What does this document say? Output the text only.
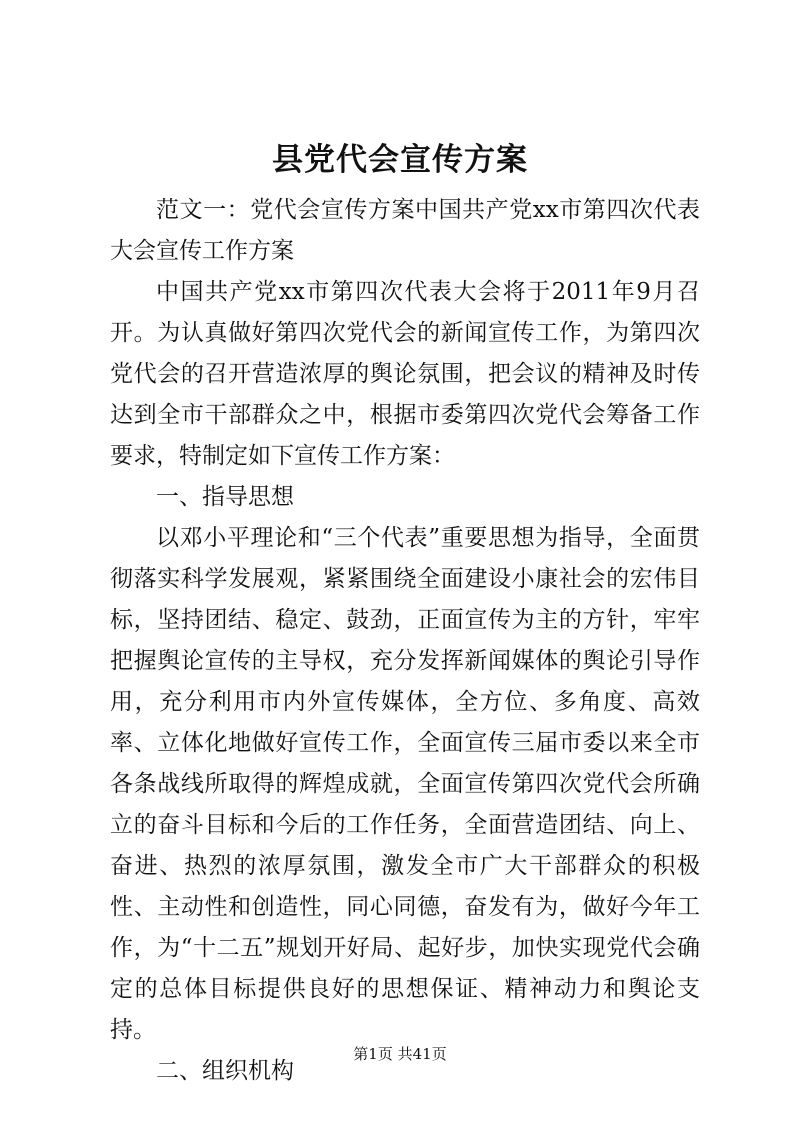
县党代会宣传方案

范文一：党代会宣传方案中国共产党xx市第四次代表大会宣传工作方案

中国共产党xx市第四次代表大会将于2011年9月召开。为认真做好第四次党代会的新闻宣传工作，为第四次党代会的召开营造浓厚的舆论氛围，把会议的精神及时传达到全市干部群众之中，根据市委第四次党代会筹备工作要求，特制定如下宣传工作方案：

一、指导思想

以邓小平理论和“三个代表”重要思想为指导，全面贯彻落实科学发展观，紧紧围绕全面建设小康社会的宏伟目标，坚持团结、稳定、鼓劲，正面宣传为主的方针，牢牢把握舆论宣传的主导权，充分发挥新闻媒体的舆论引导作用，充分利用市内外宣传媒体，全方位、多角度、高效率、立体化地做好宣传工作，全面宣传三届市委以来全市各条战线所取得的辉煌成就，全面宣传第四次党代会所确立的奋斗目标和今后的工作任务，全面营造团结、向上、奋进、热烈的浓厚氛围，激发全市广大干部群众的积极性、主动性和创造性，同心同德，奋发有为，做好今年工作，为“十二五”规划开好局、起好步，加快实现党代会确定的总体目标提供良好的思想保证、精神动力和舆论支持。

二、组织机构

第1页 共41页
